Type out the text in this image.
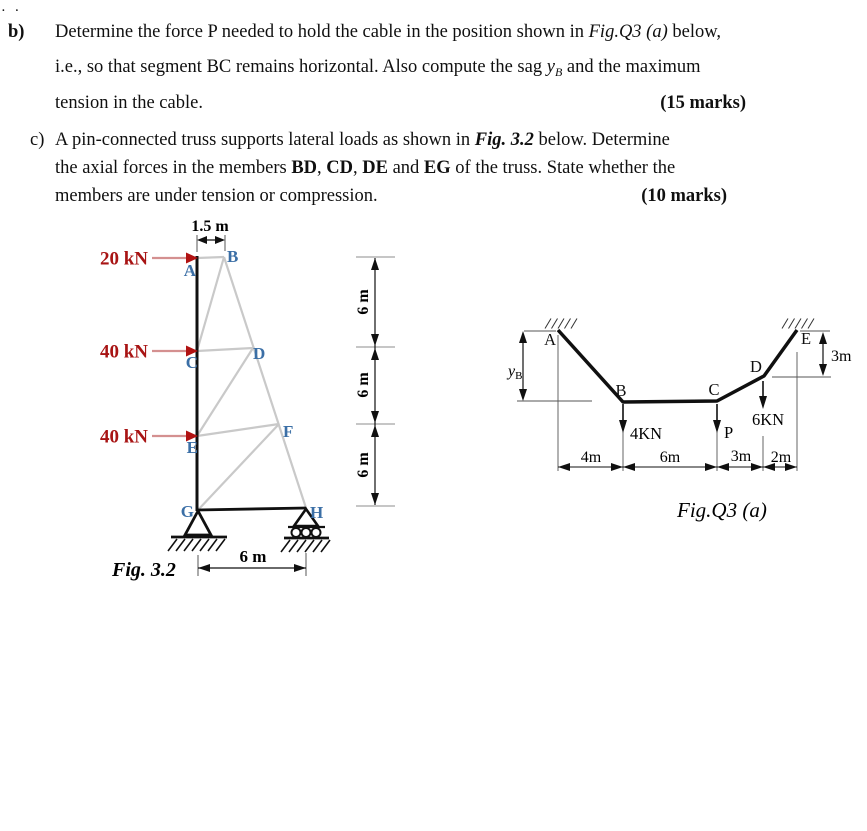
. .
b) Determine the force P needed to hold the cable in the position shown in Fig.Q3 (a) below,
i.e., so that segment BC remains horizontal. Also compute the sag $y_B$ and the maximum
tension in the cable.	(15 marks)
c) A pin-connected truss supports lateral loads as shown in Fig. 3.2 below. Determine
the axial forces in the members BD, CD, DE and EG of the truss. State whether the
members are under tension or compression.	(10 marks)
20 kN
40 kN
40 kN
A
B
C	D
E
F
G	H
1.5 m
6 m
6 m
6 m
6 m
Fig. 3.2
yB
3m
4KN	P
6KN
A
B	C
D
E
4m	6m	3m 2m
Fig.Q3 (a)
